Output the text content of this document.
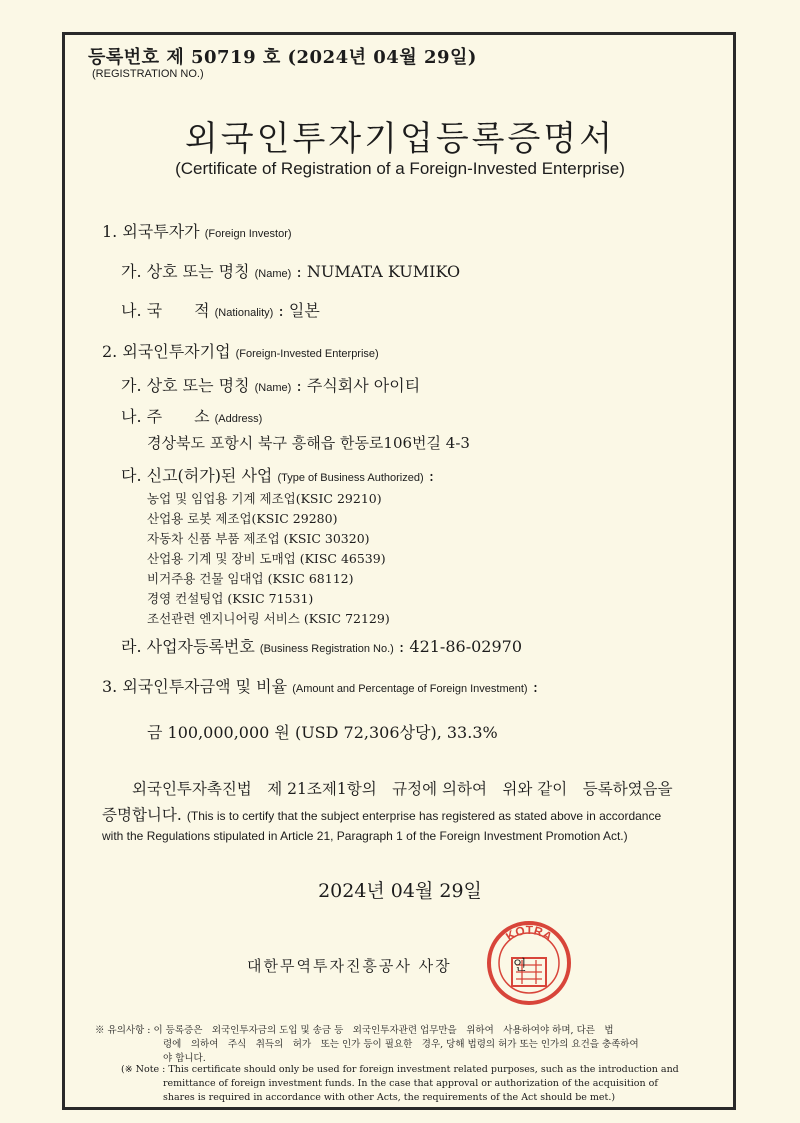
등록번호 제 50719 호 (2024년 04월 29일)
(REGISTRATION NO.)
외국인투자기업등록증명서
(Certificate of Registration of a Foreign-Invested Enterprise)
1. 외국투자가 (Foreign Investor)
가. 상호 또는 명칭 (Name) : NUMATA KUMIKO
나. 국　　적 (Nationality) : 일본
2. 외국인투자기업 (Foreign-Invested Enterprise)
가. 상호 또는 명칭 (Name) : 주식회사 아이티
나. 주　　소 (Address)
경상북도 포항시 북구 흥해읍 한동로106번길 4-3
다. 신고(허가)된 사업 (Type of Business Authorized) :
농업 및 임업용 기계 제조업(KSIC 29210)
산업용 로봇 제조업(KSIC 29280)
자동차 신품 부품 제조업 (KSIC 30320)
산업용 기계 및 장비 도매업 (KISC 46539)
비거주용 건물 임대업 (KSIC 68112)
경영 컨설팅업 (KSIC 71531)
조선관련 엔지니어링 서비스 (KSIC 72129)
라. 사업자등록번호 (Business Registration No.) : 421-86-02970
3. 외국인투자금액 및 비율 (Amount and Percentage of Foreign Investment) :
금 100,000,000 원 (USD 72,306상당), 33.3%
외국인투자촉진법　제 21조제1항의　규정에 의하여　위와 같이　등록하였음을
증명합니다. (This is to certify that the subject enterprise has registered as stated above in accordance
with the Regulations stipulated in Article 21, Paragraph 1 of the Foreign Investment Promotion Act.)
2024년 04월 29일
대한무역투자진흥공사 사장
KOTRA
인
※ 유의사항 : 이 등록증은　외국인투자금의 도입 및 송금 등　외국인투자관련 업무만을　위하여　사용하여야 하며, 다른　법
령에　의하여　주식　취득의　허가　또는 인가 등이 필요한　경우, 당해 법령의 허가 또는 인가의 요건을 충족하여
야 합니다.
(※ Note : This certificate should only be used for foreign investment related purposes, such as the introduction and
remittance of foreign investment funds. In the case that approval or authorization of the acquisition of
shares is required in accordance with other Acts, the requirements of the Act should be met.)
